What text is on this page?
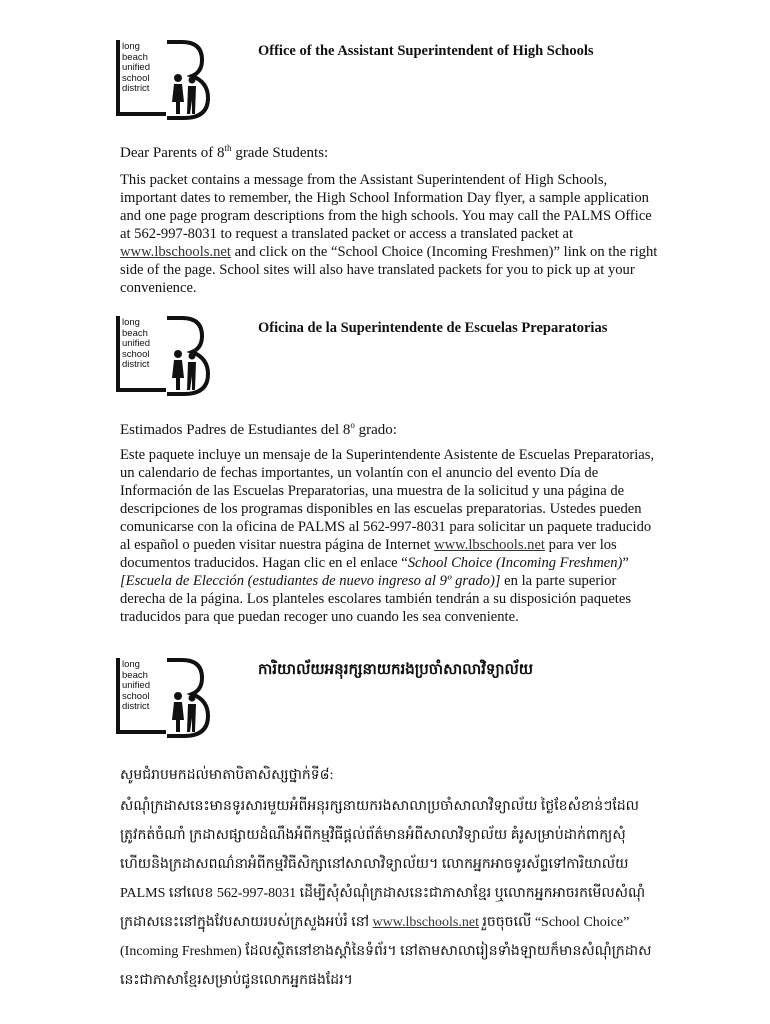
long
beach
unified
school
district
Office of the Assistant Superintendent of High Schools
Dear Parents of 8th grade Students:
This packet contains a message from the Assistant Superintendent of High Schools, important dates to remember, the High School Information Day flyer, a sample application and one page program descriptions from the high schools. You may call the PALMS Office at 562-997-8031 to request a translated packet or access a translated packet at www.lbschools.net and click on the “School Choice (Incoming Freshmen)” link on the right side of the page. School sites will also have translated packets for you to pick up at your convenience.
long
beach
unified
school
district
Oficina de la Superintendente de Escuelas Preparatorias
Estimados Padres de Estudiantes del 8$^o$ grado:
Este paquete incluye un mensaje de la Superintendente Asistente de Escuelas Preparatorias, un calendario de fechas importantes, un volantín con el anuncio del evento Día de Información de las Escuelas Preparatorias, una muestra de la solicitud y una página de descripciones de los programas disponibles en las escuelas preparatorias. Ustedes pueden comunicarse con la oficina de PALMS al 562-997-8031 para solicitar un paquete traducido al español o pueden visitar nuestra página de Internet www.lbschools.net para ver los documentos traducidos. Hagan clic en el enlace “School Choice (Incoming Freshmen)” [Escuela de Elección (estudiantes de nuevo ingreso al 9º grado)] en la parte superior derecha de la página. Los planteles escolares también tendrán a su disposición paquetes traducidos para que puedan recoger uno cuando les sea conveniente.
long
beach
unified
school
district
ការិយាល័យអនុរក្សនាយករងប្រចាំសាលាវិទ្យាល័យ
សូមជំរាបមកដល់មាតាបិតាសិស្សថ្នាក់ទី៨:
សំណុំក្រដាសនេះមានទូរសារមួយអំពីអនុរក្សនាយករងសាលាប្រចាំសាលាវិទ្យាល័យ ថ្ងៃខែសំខាន់ៗដែលត្រូវកត់ចំណាំ ក្រដាសផ្សាយដំណឹងអំពីកម្មវិធីផ្តល់ព័ត៌មានអំពីសាលាវិទ្យាល័យ គំរូសម្រាប់ដាក់ពាក្យសុំ ហើយនិងក្រដាសពណ៌នាអំពីកម្មវិធីសិក្សានៅសាលាវិទ្យាល័យ។ លោកអ្នកអាចទូរស័ព្ទទៅការិយាល័យ PALMS នៅលេខ 562-997-8031 ដើម្បីសុំសំណុំក្រដាសនេះជាភាសាខ្មែរ ឬលោកអ្នកអាចរកមើលសំណុំក្រដាសនេះនៅក្នុងវែបសាយរបស់ក្រសួងអប់រំ នៅ www.lbschools.net រួចចុចលើ “School Choice” (Incoming Freshmen) ដែលស្ថិតនៅខាងស្តាំនៃទំព័រ។ នៅតាមសាលារៀនទាំងឡាយក៏មានសំណុំក្រដាសនេះជាភាសាខ្មែរសម្រាប់ជូនលោកអ្នកផងដែរ។
